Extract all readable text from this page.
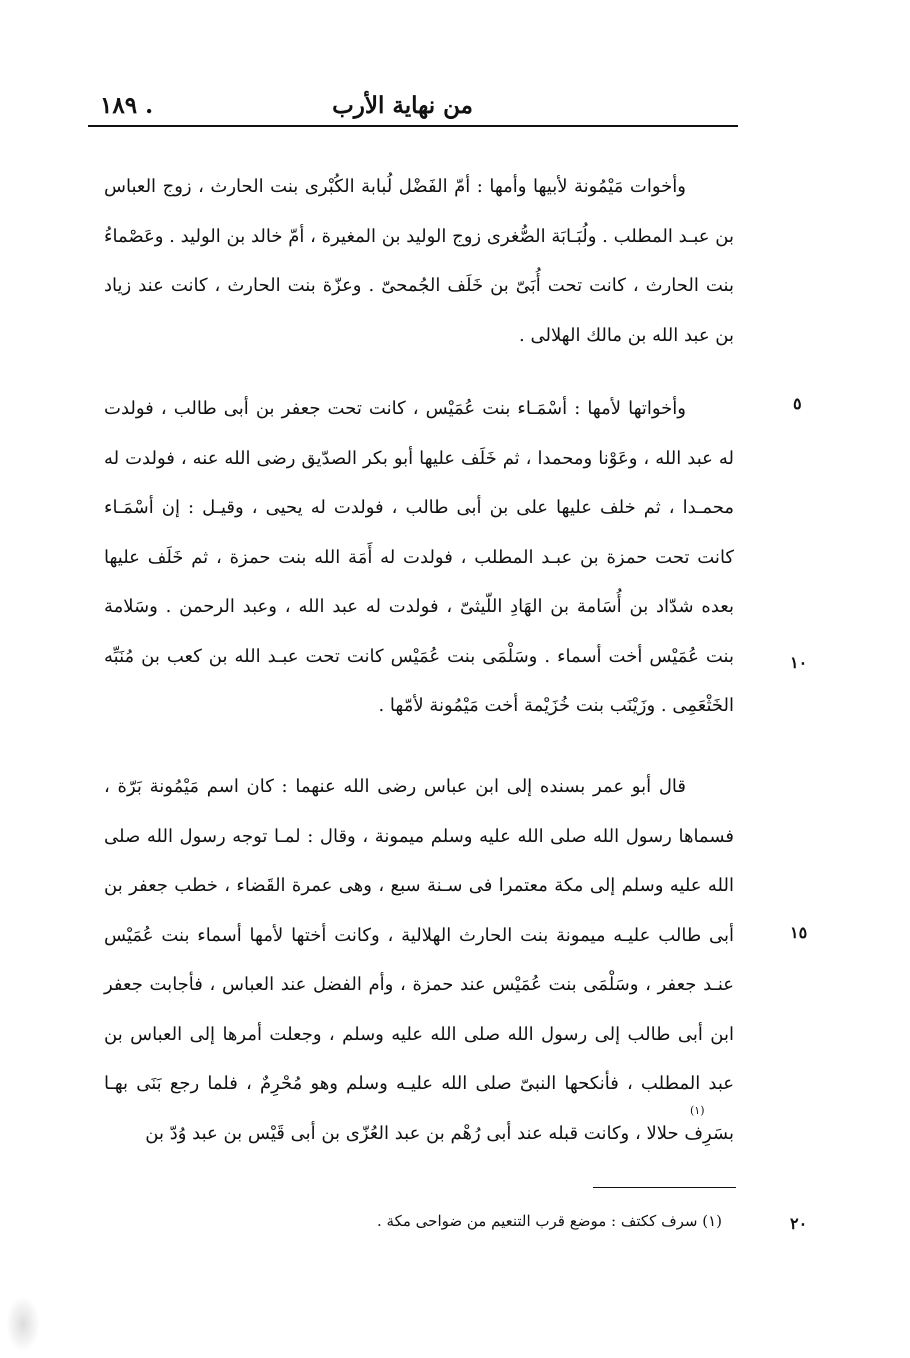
من نهاية الأرب
١٨٩ .

وأخوات مَيْمُونة لأبيها وأمها : أمّ الفَضْل لُبابة الكُبْرى بنت الحارث ، زوج العباس بن عبـد المطلب . ولُبَـابَة الصُّغرى زوج الوليد بن المغيرة ، أمّ خالد بن الوليد . وعَصْماءُ بنت الحارث ، كانت تحت أُبَىّ بن خَلَف الجُمحىّ . وعزّة بنت الحارث ، كانت عند زياد بن عبد الله بن مالك الهلالى .

وأخواتها لأمها : أسْمَـاء بنت عُمَيْس ، كانت تحت جعفر بن أبى طالب ، فولدت له عبد الله ، وعَوْنا ومحمدا ، ثم خَلَف عليها أبو بكر الصدّيق رضى الله عنه ، فولدت له محمـدا ، ثم خلف عليها على بن أبى طالب ، فولدت له يحيى ، وقيـل : إن أسْمَـاء كانت تحت حمزة بن عبـد المطلب ، فولدت له أَمَة الله بنت حمزة ، ثم خَلَف عليها بعده شدّاد بن أُسَامة بن الهَادِ اللّيثىّ ، فولدت له عبد الله ، وعبد الرحمن . وسَلامة بنت عُمَيْس أخت أسماء . وسَلْمَى بنت عُمَيْس كانت تحت عبـد الله بن كعب بن مُنَبِّه الخَثْعَمِى . وزَيْنَب بنت خُزَيْمة أخت مَيْمُونة لأمّها .

قال أبو عمر بسنده إلى ابن عباس رضى الله عنهما : كان اسم مَيْمُونة بَرّة ، فسماها رسول الله صلى الله عليه وسلم ميمونة ، وقال : لمـا توجه رسول الله صلى الله عليه وسلم إلى مكة معتمرا فى سـنة سبع ، وهى عمرة القَضاء ، خطب جعفر بن أبى طالب عليـه ميمونة بنت الحارث الهلالية ، وكانت أختها لأمها أسماء بنت عُمَيْس عنـد جعفر ، وسَلْمَى بنت عُمَيْس عند حمزة ، وأم الفضل عند العباس ، فأجابت جعفر ابن أبى طالب إلى رسول الله صلى الله عليه وسلم ، وجعلت أمرها إلى العباس بن عبد المطلب ، فأنكحها النبىّ صلى الله عليـه وسلم وهو مُحْرِمٌ ، فلما رجع بَنَى بهـا بسَرِف حلالا ، وكانت قبله عند أبى رُهْم بن عبد العُزّى بن أبى قَيْس بن عبد وُدّ بن

٥
١٠
١٥
٢٠
(١)
(١) سرف ككتف : موضع قرب التنعيم من ضواحى مكة .
